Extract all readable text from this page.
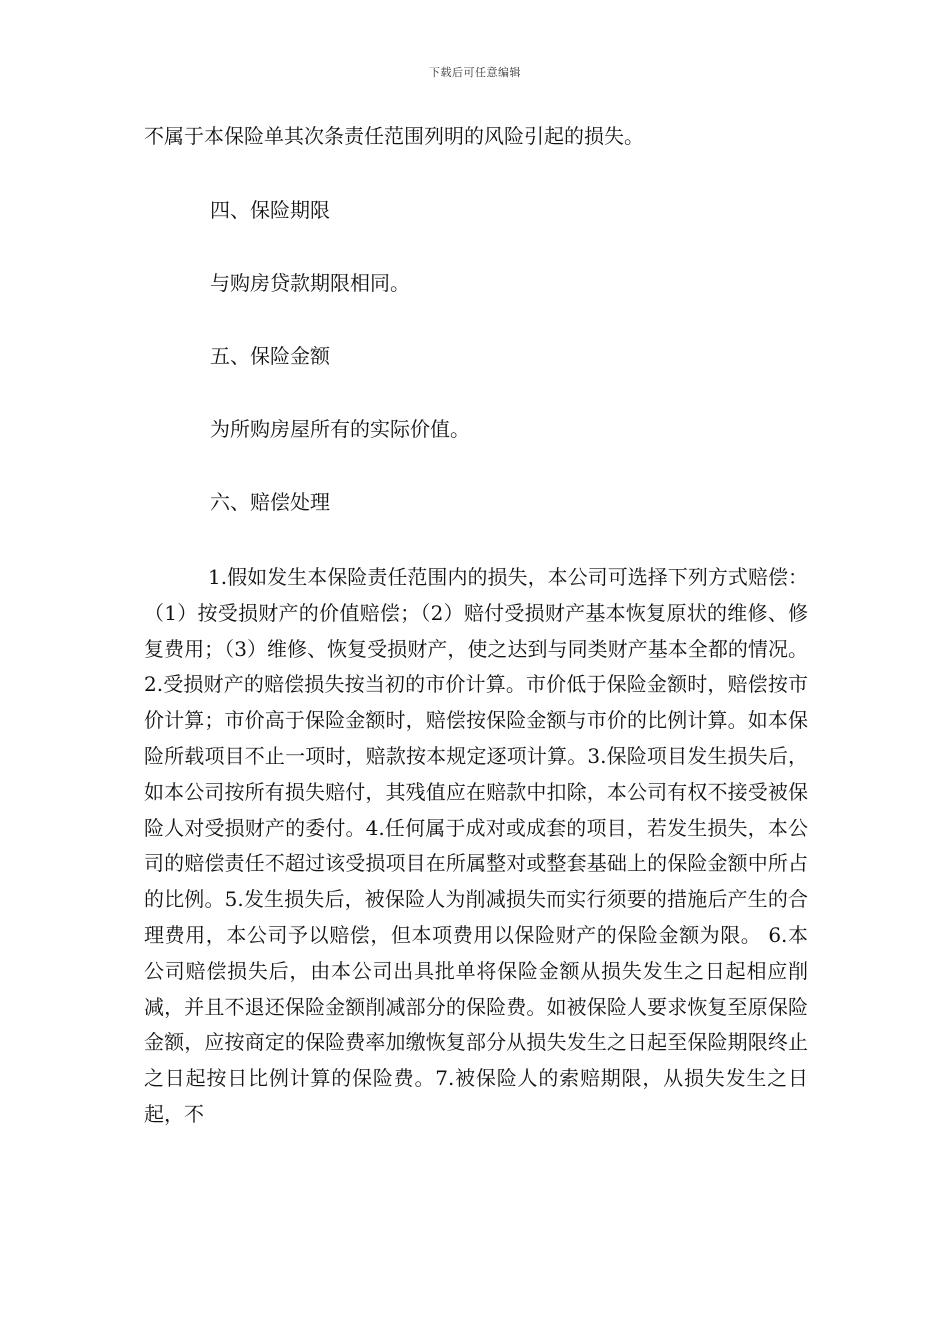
下载后可任意编辑
不属于本保险单其次条责任范围列明的风险引起的损失。
四、保险期限
与购房贷款期限相同。
五、保险金额
为所购房屋所有的实际价值。
六、赔偿处理
1.假如发生本保险责任范围内的损失，本公司可选择下列方式赔偿：（1）按受损财产的价值赔偿；（2）赔付受损财产基本恢复原状的维修、修复费用；（3）维修、恢复受损财产，使之达到与同类财产基本全都的情况。 2.受损财产的赔偿损失按当初的市价计算。市价低于保险金额时，赔偿按市价计算；市价高于保险金额时，赔偿按保险金额与市价的比例计算。如本保险所载项目不止一项时，赔款按本规定逐项计算。3.保险项目发生损失后，如本公司按所有损失赔付，其残值应在赔款中扣除，本公司有权不接受被保险人对受损财产的委付。4.任何属于成对或成套的项目，若发生损失，本公司的赔偿责任不超过该受损项目在所属整对或整套基础上的保险金额中所占的比例。5.发生损失后，被保险人为削减损失而实行须要的措施后产生的合理费用，本公司予以赔偿，但本项费用以保险财产的保险金额为限。 6.本公司赔偿损失后，由本公司出具批单将保险金额从损失发生之日起相应削减，并且不退还保险金额削减部分的保险费。如被保险人要求恢复至原保险金额，应按商定的保险费率加缴恢复部分从损失发生之日起至保险期限终止之日起按日比例计算的保险费。7.被保险人的索赔期限，从损失发生之日起，不
